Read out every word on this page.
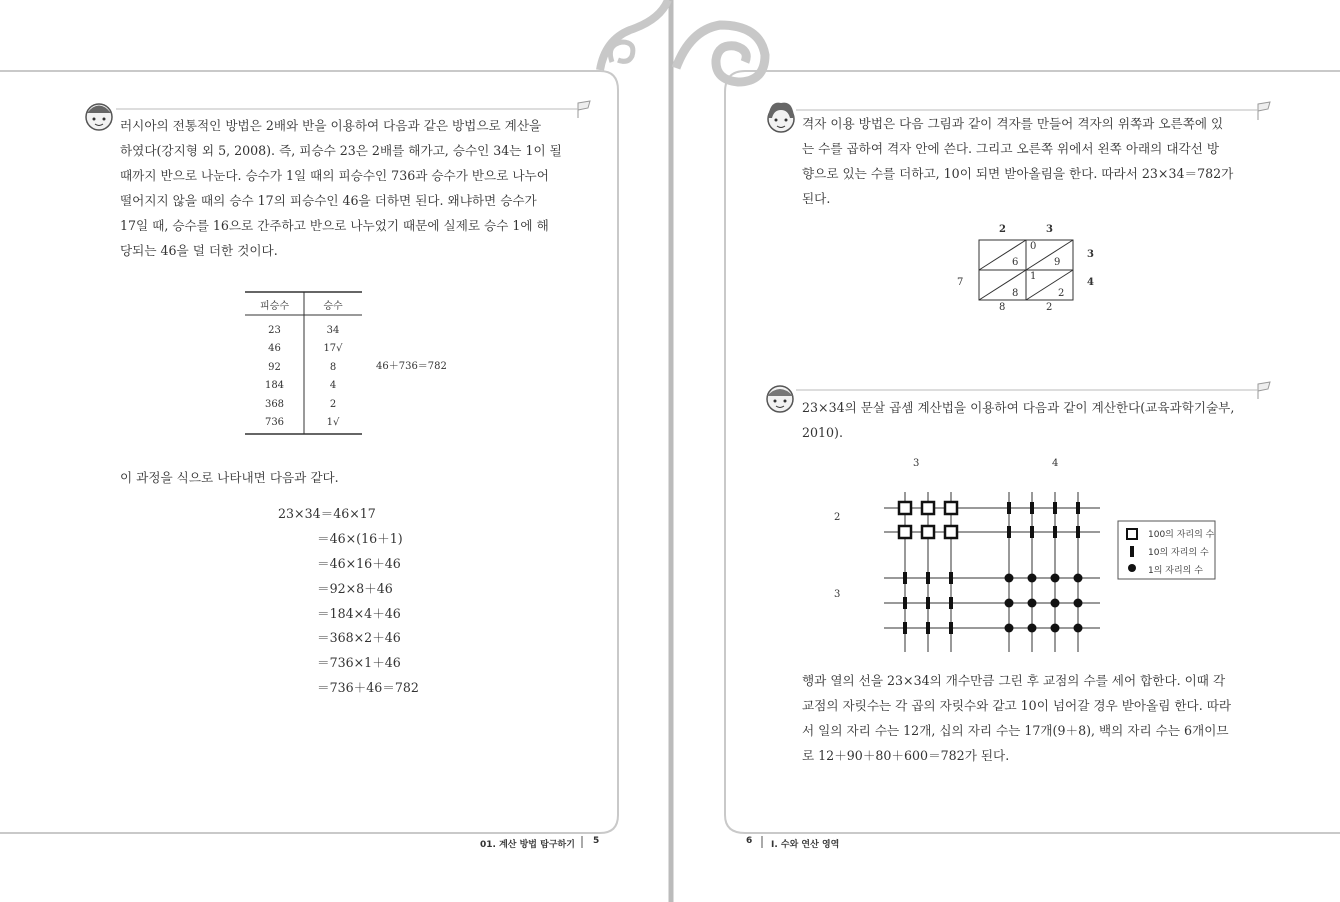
러시아의 전통적인 방법은 2배와 반을 이용하여 다음과 같은 방법으로 계산을
하였다(강지형 외 5, 2008). 즉, 피승수 23은 2배를 해가고, 승수인 34는 1이 될
때까지 반으로 나눈다. 승수가 1일 때의 피승수인 736과 승수가 반으로 나누어
떨어지지 않을 때의 승수 17의 피승수인 46을 더하면 된다. 왜냐하면 승수가
17일 때, 승수를 16으로 간주하고 반으로 나누었기 때문에 실제로 승수 1에 해
당되는 46을 덜 더한 것이다.
피승수	승수

23	34
46	17√
92	8
184	4
368	2
736	1√
46＋736＝782
이 과정을 식으로 나타내면 다음과 같다.
23×34＝46×17
＝46×(16＋1)
＝46×16＋46
＝92×8＋46
＝184×4＋46
＝368×2＋46
＝736×1＋46
＝736＋46＝782
01. 계산 방법 탐구하기 5
격자 이용 방법은 다음 그림과 같이 격자를 만들어 격자의 위쪽과 오른쪽에 있
는 수를 곱하여 격자 안에 쓴다. 그리고 오른쪽 위에서 왼쪽 아래의 대각선 방
향으로 있는 수를 더하고, 10이 되면 받아올림을 한다. 따라서 23×34＝782가
된다.
2	3
3
4
7
8	2
0
6	9
1
8	2
23×34의 문살 곱셈 계산법을 이용하여 다음과 같이 계산한다(교육과학기술부,
2010).
3	4
2
3
100의 자리의 수
10의 자리의 수
1의 자리의 수
행과 열의 선을 23×34의 개수만큼 그린 후 교점의 수를 세어 합한다. 이때 각
교점의 자릿수는 각 곱의 자릿수와 같고 10이 넘어갈 경우 받아올림 한다. 따라
서 일의 자리 수는 12개, 십의 자리 수는 17개(9＋8), 백의 자리 수는 6개이므
로 12＋90＋80＋600＝782가 된다.
6 Ⅰ. 수와 연산 영역
